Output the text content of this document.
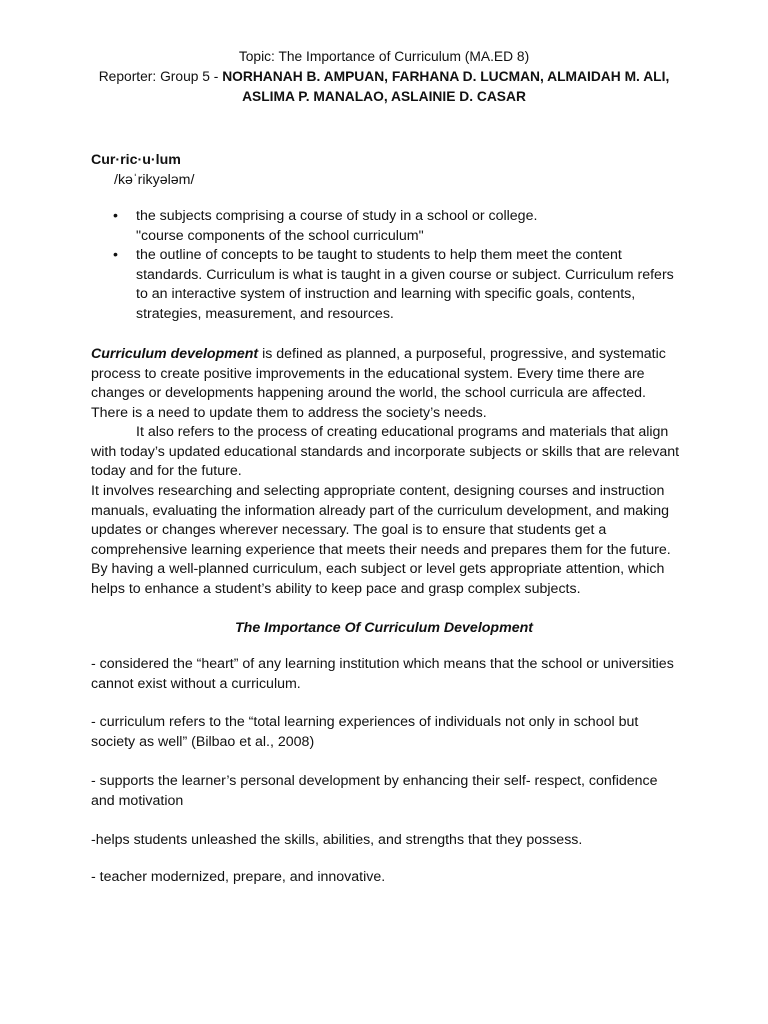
Topic: The Importance of Curriculum (MA.ED 8)
Reporter: Group 5 - NORHANAH B. AMPUAN, FARHANA D. LUCMAN, ALMAIDAH M. ALI,
ASLIMA P. MANALAO, ASLAINIE D. CASAR
Cur·ric·u·lum
/kəˈrikyələm/
• the subjects comprising a course of study in a school or college.
"course components of the school curriculum"
• the outline of concepts to be taught to students to help them meet the content standards. Curriculum is what is taught in a given course or subject. Curriculum refers to an interactive system of instruction and learning with specific goals, contents, strategies, measurement, and resources.

Curriculum development is defined as planned, a purposeful, progressive, and systematic process to create positive improvements in the educational system. Every time there are changes or developments happening around the world, the school curricula are affected. There is a need to update them to address the society’s needs.

It also refers to the process of creating educational programs and materials that align with today’s updated educational standards and incorporate subjects or skills that are relevant today and for the future.

It involves researching and selecting appropriate content, designing courses and instruction manuals, evaluating the information already part of the curriculum development, and making updates or changes wherever necessary. The goal is to ensure that students get a comprehensive learning experience that meets their needs and prepares them for the future. By having a well-planned curriculum, each subject or level gets appropriate attention, which helps to enhance a student’s ability to keep pace and grasp complex subjects.

The Importance Of Curriculum Development

- considered the “heart” of any learning institution which means that the school or universities cannot exist without a curriculum.

- curriculum refers to the “total learning experiences of individuals not only in school but society as well” (Bilbao et al., 2008)

- supports the learner’s personal development by enhancing their self- respect, confidence and motivation

-helps students unleashed the skills, abilities, and strengths that they possess.

- teacher modernized, prepare, and innovative.
